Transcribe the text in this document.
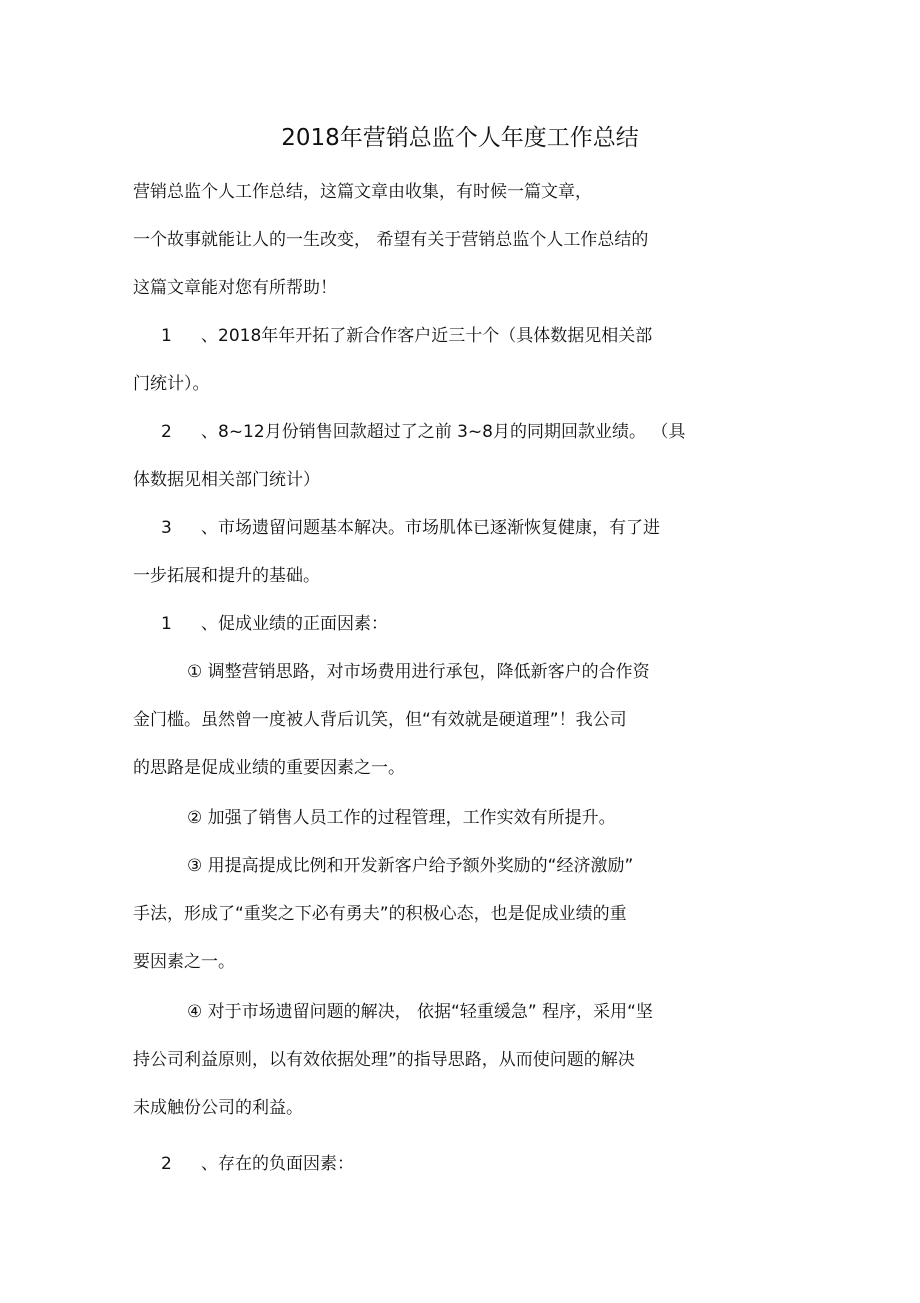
2018年营销总监个人年度工作总结
营销总监个人工作总结，这篇文章由收集，有时候一篇文章，
一个故事就能让人的一生改变， 希望有关于营销总监个人工作总结的
这篇文章能对您有所帮助！
1 、2018年年开拓了新合作客户近三十个（具体数据见相关部
门统计）。
2 、8~12月份销售回款超过了之前 3~8月的同期回款业绩。 （具
体数据见相关部门统计）
3 、市场遗留问题基本解决。市场肌体已逐渐恢复健康，有了进
一步拓展和提升的基础。
1 、促成业绩的正面因素：
① 调整营销思路，对市场费用进行承包，降低新客户的合作资
金门槛。虽然曾一度被人背后讥笑，但“有效就是硬道理”！我公司
的思路是促成业绩的重要因素之一。
② 加强了销售人员工作的过程管理，工作实效有所提升。
③ 用提高提成比例和开发新客户给予额外奖励的“经济激励”
手法，形成了“重奖之下必有勇夫”的积极心态，也是促成业绩的重
要因素之一。
④ 对于市场遗留问题的解决， 依据“轻重缓急” 程序，采用“坚
持公司利益原则，以有效依据处理”的指导思路，从而使问题的解决
未成触份公司的利益。
2 、存在的负面因素：
